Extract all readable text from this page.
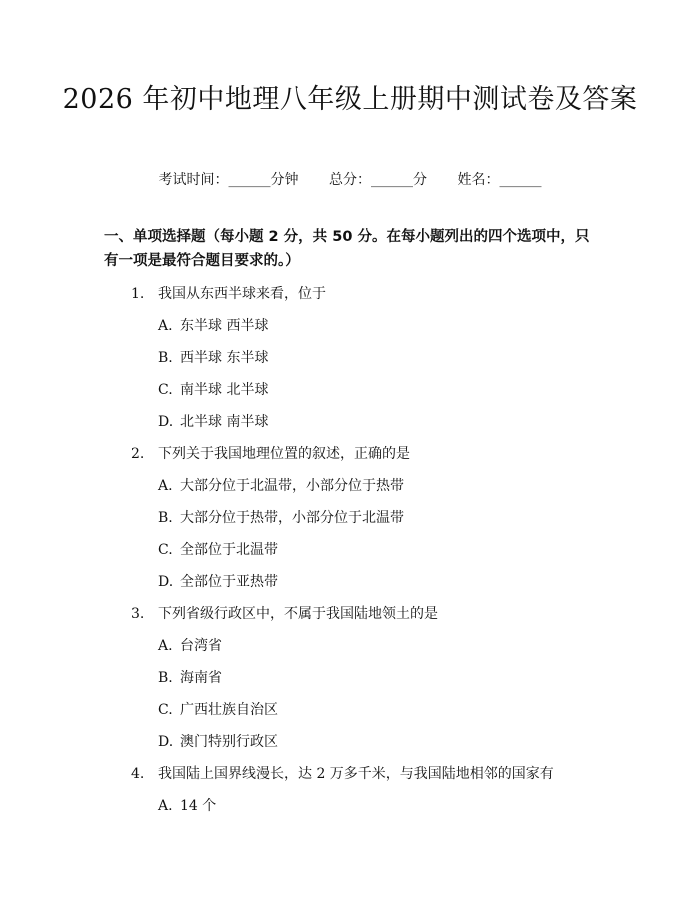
2026 年初中地理八年级上册期中测试卷及答案
考试时间：______分钟 总分：______分 姓名：______
一、单项选择题（每小题 2 分，共 50 分。在每小题列出的四个选项中，只有一项是最符合题目要求的。）
1. 我国从东西半球来看，位于
A. 东半球 西半球
B. 西半球 东半球
C. 南半球 北半球
D. 北半球 南半球
2. 下列关于我国地理位置的叙述，正确的是
A. 大部分位于北温带，小部分位于热带
B. 大部分位于热带，小部分位于北温带
C. 全部位于北温带
D. 全部位于亚热带
3. 下列省级行政区中，不属于我国陆地领土的是
A. 台湾省
B. 海南省
C. 广西壮族自治区
D. 澳门特别行政区
4. 我国陆上国界线漫长，达 2 万多千米，与我国陆地相邻的国家有
A. 14 个
